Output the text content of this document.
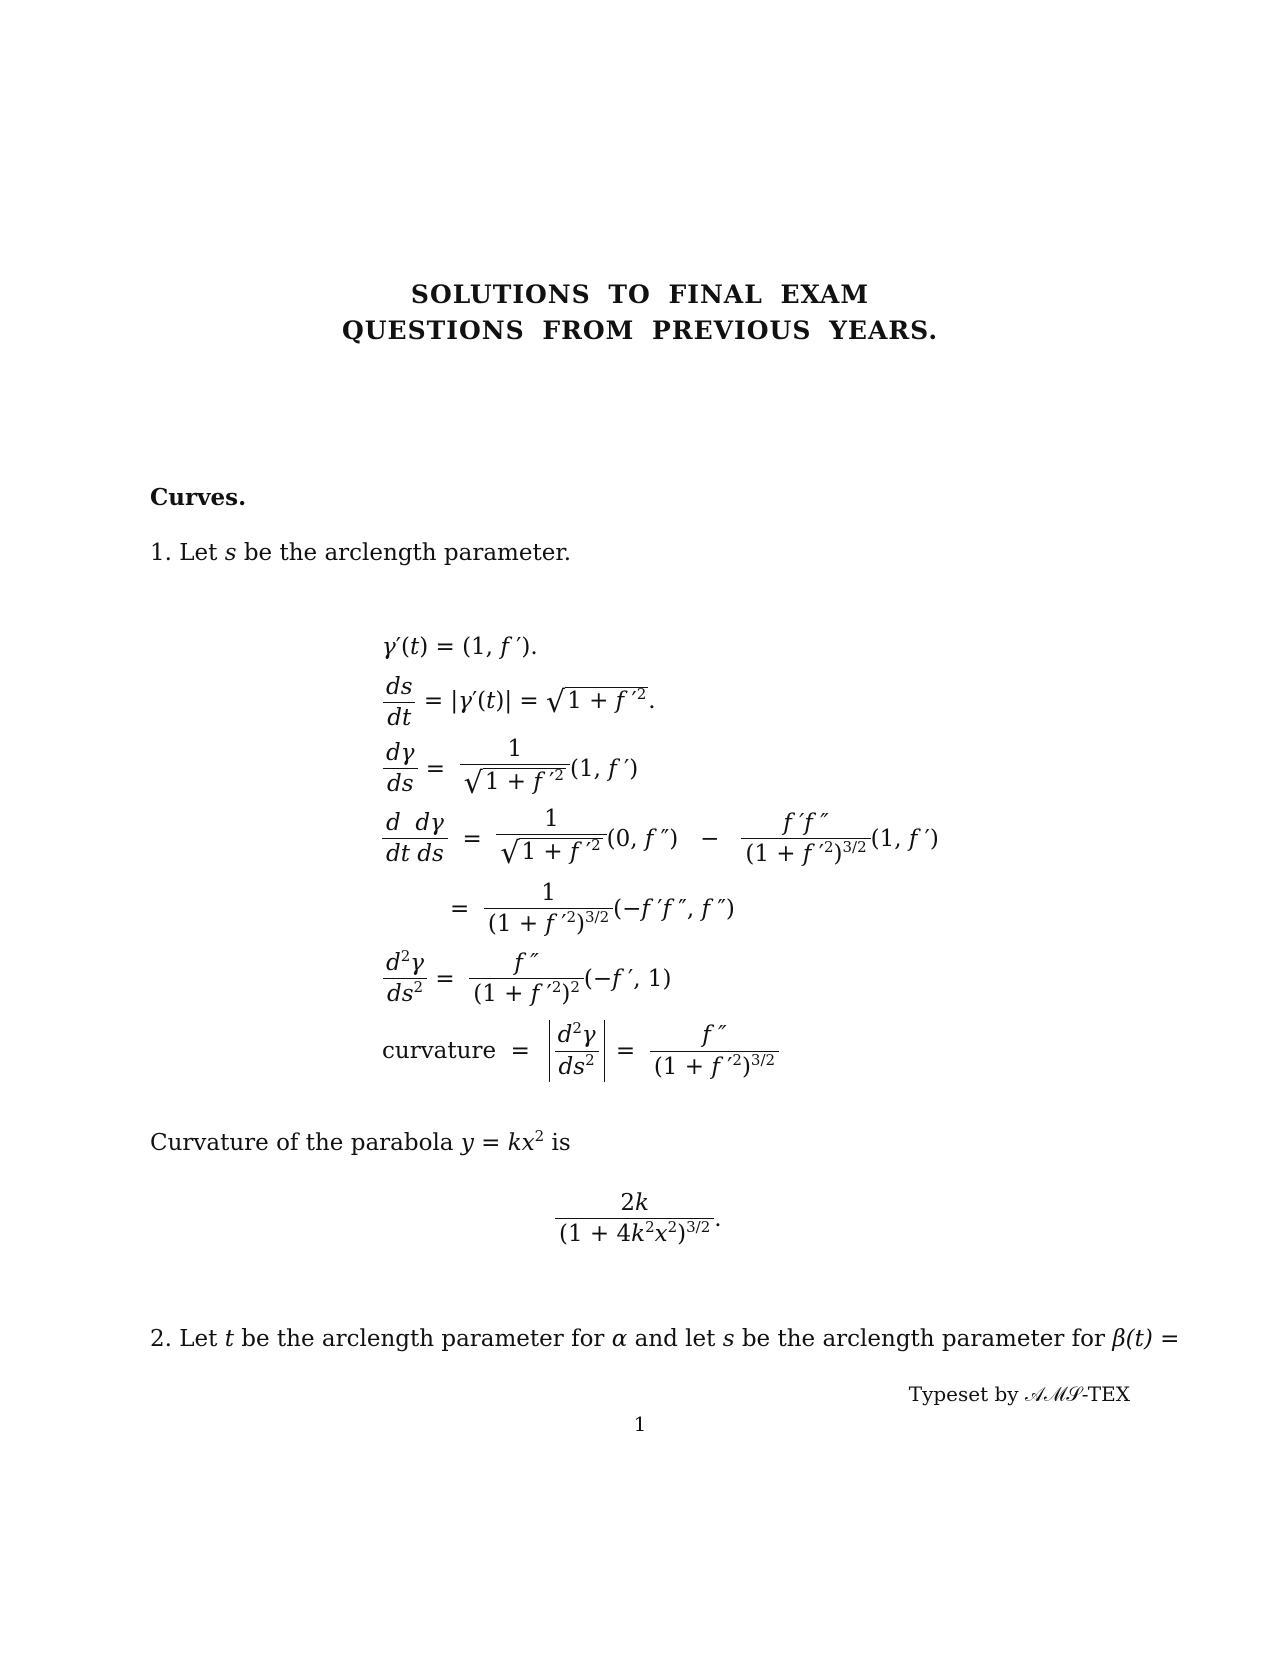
SOLUTIONS TO FINAL EXAM
QUESTIONS FROM PREVIOUS YEARS.
Curves.
1. Let s be the arclength parameter.
γ′(t) = (1, f ′).
$\frac{ds}{dt} = |\gamma'(t)| = √1 + f$ $'^2$.
$\frac{d\gamma}{ds} = \frac{1}{√1 + f '^2} (1$, f ′)
$\frac{\text{d  dγ}}{\text{dt ds}} = \frac{1}{√1 + f '^2} (0$, f ″)   − $\frac{f 'f ''}{(1 + f '^2)^{3/2}} (1$, f ′)
= $\frac{1}{(1 + f '^2)^{3/2}} (-f$ ′f ″, f ″)
$\frac{d^2\gamma}{ds^2} = \frac{f ''}{(1 + f '^2)^2} (-f$ ′, 1)
curvature = $\frac{d^2\gamma}{ds^2} = \frac{f ''}{(1 + f '^2)^{3/2}}$
Curvature of the parabola $y = kx^2$ is
$\frac{2k}{(1 + 4k^2x^2)^{3/2}}$ .
2. Let t be the arclength parameter for α and let s be the arclength parameter for β(t) =
Typeset by 𝒜ℳ𝒮-TEX
1
